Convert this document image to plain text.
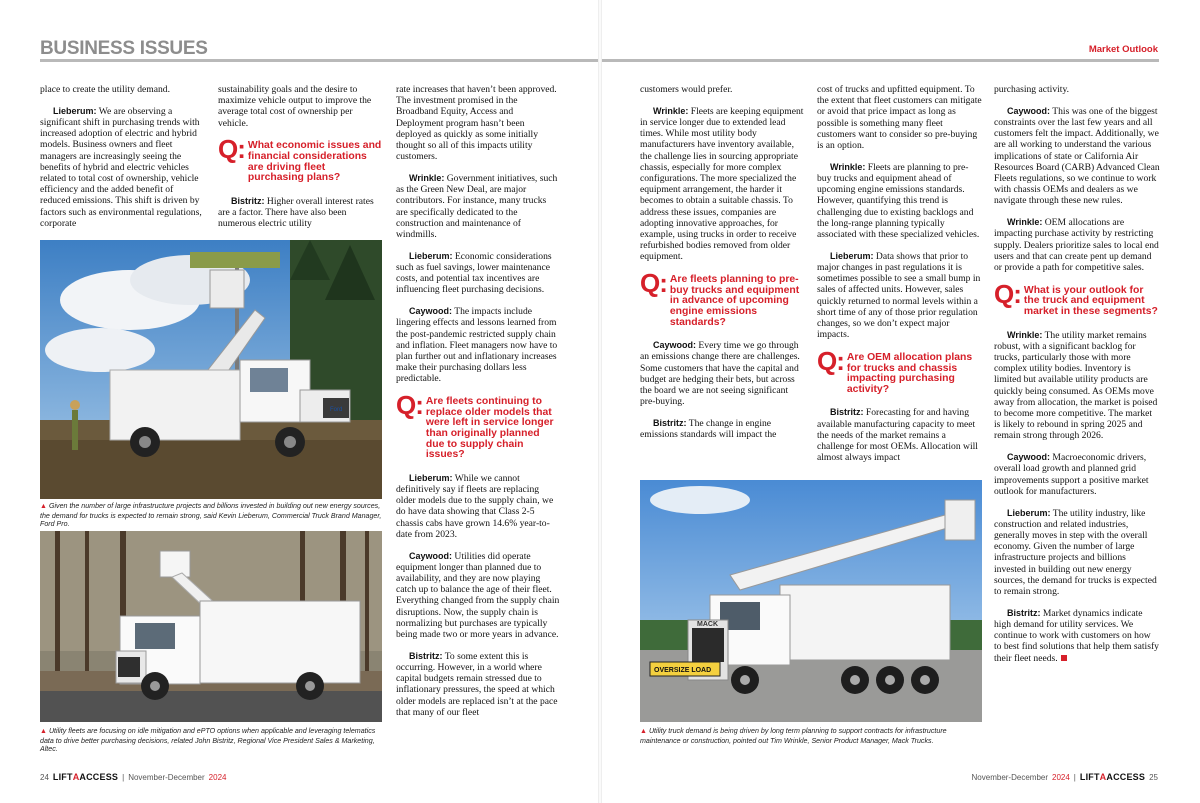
BUSINESS ISSUES	Market Outlook

place to create the utility demand.

Lieberum: We are observing a significant shift in purchasing trends with increased adoption of electric and hybrid models. Business owners and fleet managers are increasingly seeing the benefits of hybrid and electric vehicles related to total cost of ownership, vehicle efficiency and the added benefit of reduced emissions. This shift is driven by factors such as environmental regulations, corporate

sustainability goals and the desire to maximize vehicle output to improve the average total cost of ownership per vehicle.

Q: What economic issues and financial considerations are driving fleet purchasing plans?

Bistritz: Higher overall interest rates are a factor. There have also been numerous electric utility

rate increases that haven’t been approved. The investment promised in the Broadband Equity, Access and Deployment program hasn’t been deployed as quickly as some initially thought so all of this impacts utility customers.

Wrinkle: Government initiatives, such as the Green New Deal, are major contributors. For instance, many trucks are specifically dedicated to the construction and maintenance of windmills.

Lieberum: Economic considerations such as fuel savings, lower maintenance costs, and potential tax incentives are influencing fleet purchasing decisions.

Caywood: The impacts include lingering effects and lessons learned from the post-pandemic restricted supply chain and inflation. Fleet managers now have to plan further out and inflationary increases make their purchasing dollars less predictable.

Q: Are fleets continuing to replace older models that were left in service longer than originally planned due to supply chain issues?

Lieberum: While we cannot definitively say if fleets are replacing older models due to the supply chain, we do have data showing that Class 2-5 chassis cabs have grown 14.6% year-to-date from 2023.

Caywood: Utilities did operate equipment longer than planned due to availability, and they are now playing catch up to balance the age of their fleet. Everything changed from the supply chain disruptions. Now, the supply chain is normalizing but purchases are typically being made two or more years in advance.

Bistritz: To some extent this is occurring. However, in a world where capital budgets remain stressed due to inflationary pressures, the speed at which older models are replaced isn’t at the pace that many of our fleet

customers would prefer.

Wrinkle: Fleets are keeping equipment in service longer due to extended lead times. While most utility body manufacturers have inventory available, the challenge lies in sourcing appropriate chassis, especially for more complex configurations. The more specialized the equipment arrangement, the harder it becomes to obtain a suitable chassis. To address these issues, companies are adopting innovative approaches, for example, using trucks in order to receive refurbished bodies removed from older equipment.

Q: Are fleets planning to pre-buy trucks and equipment in advance of upcoming engine emissions standards?

Caywood: Every time we go through an emissions change there are challenges. Some customers that have the capital and budget are hedging their bets, but across the board we are not seeing significant pre-buying.

Bistritz: The change in engine emissions standards will impact the

cost of trucks and upfitted equipment. To the extent that fleet customers can mitigate or avoid that price impact as long as possible is something many fleet customers want to consider so pre-buying is an option.

Wrinkle: Fleets are planning to pre-buy trucks and equipment ahead of upcoming engine emissions standards. However, quantifying this trend is challenging due to existing backlogs and the long-range planning typically associated with these specialized vehicles.

Lieberum: Data shows that prior to major changes in past regulations it is sometimes possible to see a small bump in sales of affected units. However, sales quickly returned to normal levels within a short time of any of those prior regulation changes, so we don’t expect major impacts.

Q: Are OEM allocation plans for trucks and chassis impacting purchasing activity?

Bistritz: Forecasting for and having available manufacturing capacity to meet the needs of the market remains a challenge for most OEMs. Allocation will almost always impact

purchasing activity.

Caywood: This was one of the biggest constraints over the last few years and all customers felt the impact. Additionally, we are all working to understand the various implications of state or California Air Resources Board (CARB) Advanced Clean Fleets regulations, so we continue to work with chassis OEMs and dealers as we navigate through these new rules.

Wrinkle: OEM allocations are impacting purchase activity by restricting supply. Dealers prioritize sales to local end users and that can create pent up demand or provide a path for competitive sales.

Q: What is your outlook for the truck and equipment market in these segments?

Wrinkle: The utility market remains robust, with a significant backlog for trucks, particularly those with more complex utility bodies. Inventory is limited but available utility products are quickly being consumed. As OEMs move away from allocation, the market is poised to become more competitive. The market is likely to rebound in spring 2025 and remain strong through 2026.

Caywood: Macroeconomic drivers, overall load growth and planned grid improvements support a positive market outlook for manufacturers.

Lieberum: The utility industry, like construction and related industries, generally moves in step with the overall economy. Given the number of large infrastructure projects and billions invested in building out new energy sources, the demand for trucks is expected to remain strong.

Bistritz: Market dynamics indicate high demand for utility services. We continue to work with customers on how to best find solutions that help them satisfy their fleet needs.

Ford
▲ Given the number of large infrastructure projects and billions invested in building out new energy sources, the demand for trucks is expected to remain strong, said Kevin Lieberum, Commercial Truck Brand Manager, Ford Pro.
▲ Utility fleets are focusing on idle mitigation and ePTO options when applicable and leveraging telematics data to drive better purchasing decisions, related John Bistritz, Regional Vice President Sales & Marketing, Altec.
MACK
OVERSIZE LOAD
▲ Utility truck demand is being driven by long term planning to support contracts for infrastructure maintenance or construction, pointed out Tim Wrinkle, Senior Product Manager, Mack Trucks.
24 LIFTAACCESS | November-December 2024	November-December 2024 | LIFTAACCESS 25
